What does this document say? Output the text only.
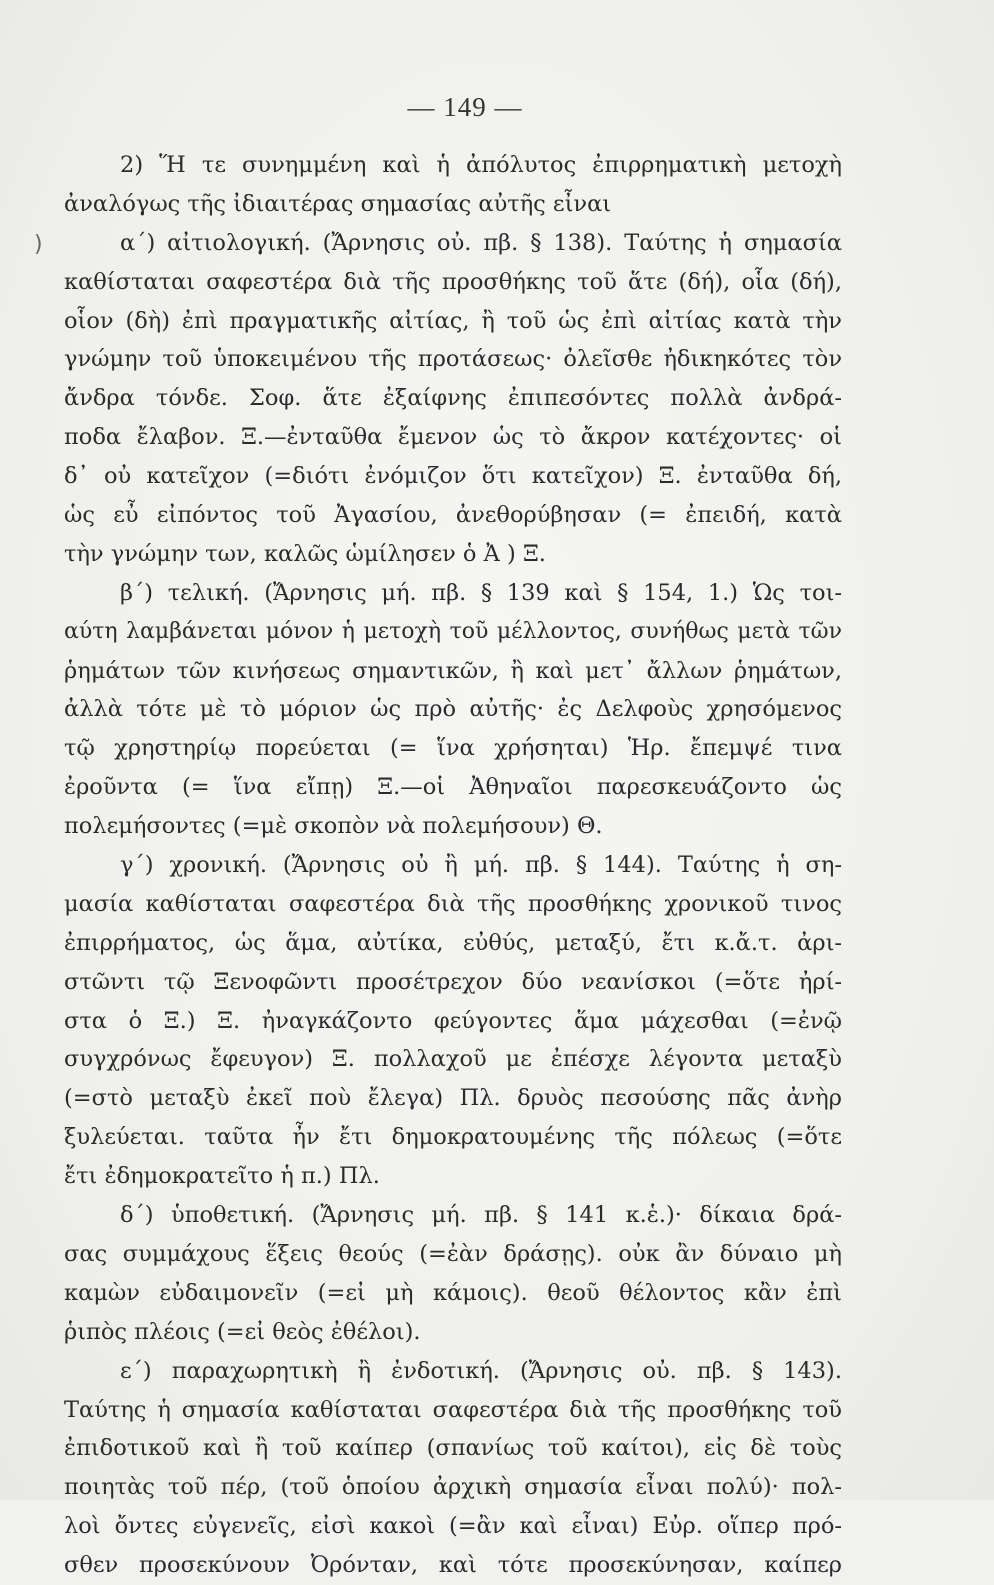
— 149 —
)
2) Ἥ τε συνημμένη καὶ ἡ ἀπόλυτος ἐπιρρηματικὴ μετοχὴ
ἀναλόγως τῆς ἰδιαιτέρας σημασίας αὐτῆς εἶναι
α΄) αἰτιολογική. (Ἄρνησις οὐ. πβ. § 138). Ταύτης ἡ σημασία
καθίσταται σαφεστέρα διὰ τῆς προσθήκης τοῦ ἅτε (δή), οἷα (δή),
οἷον (δὴ) ἐπὶ πραγματικῆς αἰτίας, ἢ τοῦ ὡς ἐπὶ αἰτίας κατὰ τὴν
γνώμην τοῦ ὑποκειμένου τῆς προτάσεως· ὀλεῖσθε ἠδικηκότες τὸν
ἄνδρα τόνδε. Σοφ. ἅτε ἐξαίφνης ἐπιπεσόντες πολλὰ ἀνδρά-
ποδα ἔλαβον. Ξ.—ἐνταῦθα ἔμενον ὡς τὸ ἄκρον κατέχοντες· οἱ
δ᾽ οὐ κατεῖχον (=διότι ἐνόμιζον ὅτι κατεῖχον) Ξ. ἐνταῦθα δή,
ὡς εὖ εἰπόντος τοῦ Ἀγασίου, ἀνεθορύβησαν (= ἐπειδή, κατὰ
τὴν γνώμην των, καλῶς ὡμίλησεν ὁ Ἀ ) Ξ.
β΄) τελική. (Ἄρνησις μή. πβ. § 139 καὶ § 154, 1.) Ὡς τοι-
αύτη λαμβάνεται μόνον ἡ μετοχὴ τοῦ μέλλοντος, συνήθως μετὰ τῶν
ῥημάτων τῶν κινήσεως σημαντικῶν, ἢ καὶ μετ᾽ ἄλλων ῥημάτων,
ἀλλὰ τότε μὲ τὸ μόριον ὡς πρὸ αὐτῆς· ἐς Δελφοὺς χρησόμενος
τῷ χρηστηρίῳ πορεύεται (= ἵνα χρήσηται) Ἡρ. ἔπεμψέ τινα
ἐροῦντα (= ἵνα εἴπῃ) Ξ.—οἱ Ἀθηναῖοι παρεσκευάζοντο ὡς
πολεμήσοντες (=μὲ σκοπὸν νὰ πολεμήσουν) Θ.
γ΄) χρονική. (Ἄρνησις οὐ ἢ μή. πβ. § 144). Ταύτης ἡ ση-
μασία καθίσταται σαφεστέρα διὰ τῆς προσθήκης χρονικοῦ τινος
ἐπιρρήματος, ὡς ἅμα, αὐτίκα, εὐθύς, μεταξύ, ἔτι κ.ἄ.τ. ἀρι-
στῶντι τῷ Ξενοφῶντι προσέτρεχον δύο νεανίσκοι (=ὅτε ἠρί-
στα ὁ Ξ.) Ξ. ἠναγκάζοντο φεύγοντες ἅμα μάχεσθαι (=ἐνῷ
συγχρόνως ἔφευγον) Ξ. πολλαχοῦ με ἐπέσχε λέγοντα μεταξὺ
(=στὸ μεταξὺ ἐκεῖ ποὺ ἔλεγα) Πλ. δρυὸς πεσούσης πᾶς ἀνὴρ
ξυλεύεται. ταῦτα ἦν ἔτι δημοκρατουμένης τῆς πόλεως (=ὅτε
ἔτι ἐδημοκρατεῖτο ἡ π.) Πλ.
δ΄) ὑποθετική. (Ἄρνησις μή. πβ. § 141 κ.ἑ.)· δίκαια δρά-
σας συμμάχους ἕξεις θεούς (=ἐὰν δράσῃς). οὐκ ἂν δύναιο μὴ
καμὼν εὐδαιμονεῖν (=εἰ μὴ κάμοις). θεοῦ θέλοντος κἂν ἐπὶ
ῥιπὸς πλέοις (=εἰ θεὸς ἐθέλοι).
ε΄) παραχωρητικὴ ἢ ἐνδοτική. (Ἄρνησις οὐ. πβ. § 143).
Ταύτης ἡ σημασία καθίσταται σαφεστέρα διὰ τῆς προσθήκης τοῦ
ἐπιδοτικοῦ καὶ ἢ τοῦ καίπερ (σπανίως τοῦ καίτοι), εἰς δὲ τοὺς
ποιητὰς τοῦ πέρ, (τοῦ ὁποίου ἀρχικὴ σημασία εἶναι πολύ)· πολ-
λοὶ ὄντες εὐγενεῖς, εἰσὶ κακοὶ (=ἂν καὶ εἶναι) Εὐρ. οἵπερ πρό-
σθεν προσεκύνουν Ὀρόνταν, καὶ τότε προσεκύνησαν, καίπερ
